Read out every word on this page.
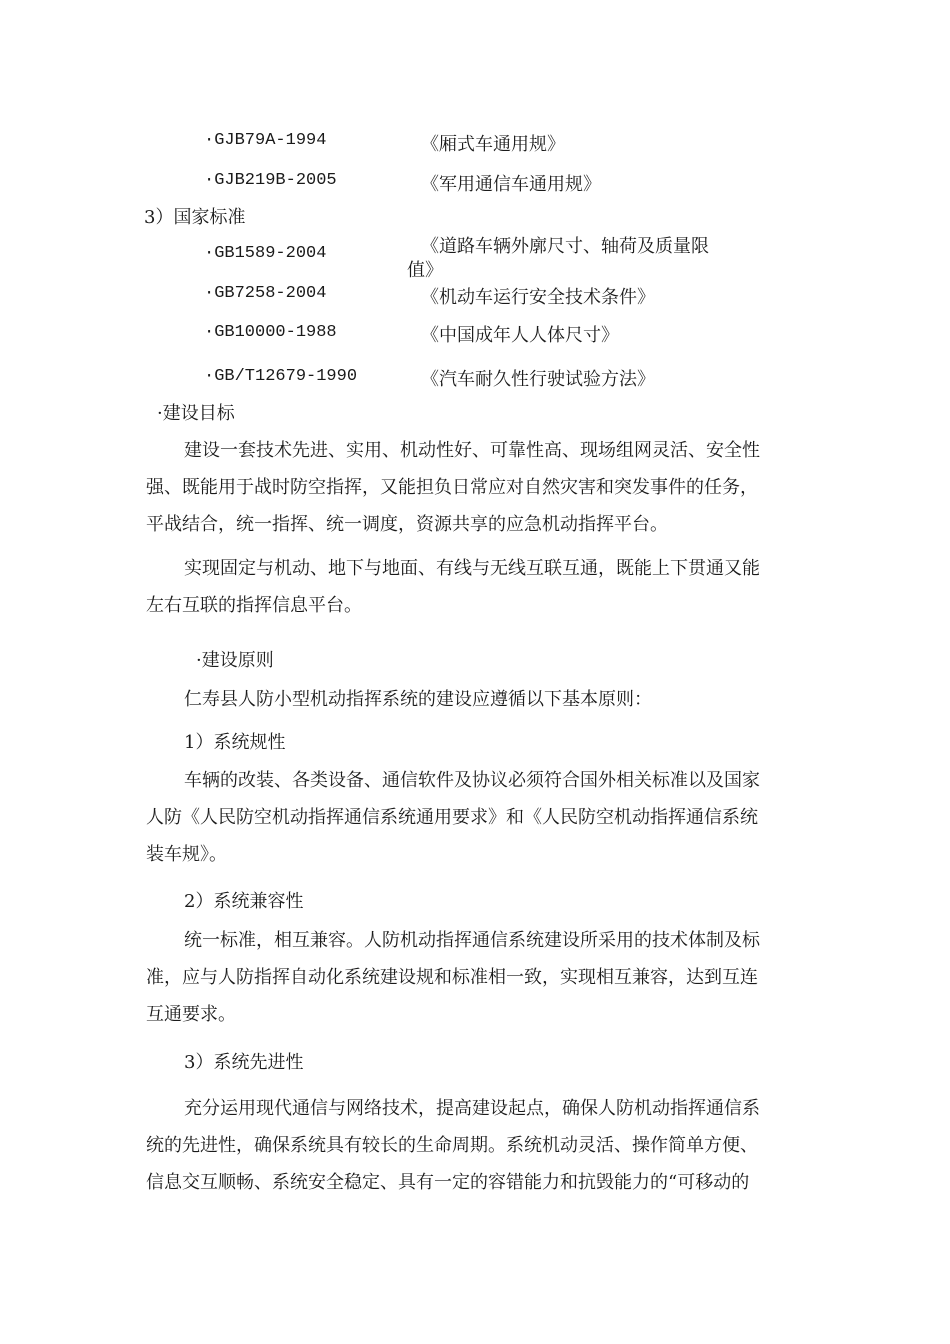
·GJB79A-1994	《厢式车通用规》
·GJB219B-2005	《军用通信车通用规》
3）国家标准
·GB1589-2004	《道路车辆外廓尺寸、轴荷及质量限
值》
·GB7258-2004	《机动车运行安全技术条件》
·GB10000-1988	《中国成年人人体尺寸》
·GB/T12679-1990	《汽车耐久性行驶试验方法》
·建设目标
建设一套技术先进、实用、机动性好、可靠性高、现场组网灵活、安全性
强、既能用于战时防空指挥，又能担负日常应对自然灾害和突发事件的任务，
平战结合，统一指挥、统一调度，资源共享的应急机动指挥平台。
实现固定与机动、地下与地面、有线与无线互联互通，既能上下贯通又能
左右互联的指挥信息平台。
·建设原则
仁寿县人防小型机动指挥系统的建设应遵循以下基本原则：
1）系统规性
车辆的改装、各类设备、通信软件及协议必须符合国外相关标准以及国家
人防《人民防空机动指挥通信系统通用要求》和《人民防空机动指挥通信系统
装车规》。
2）系统兼容性
统一标准，相互兼容。人防机动指挥通信系统建设所采用的技术体制及标
准，应与人防指挥自动化系统建设规和标准相一致，实现相互兼容，达到互连
互通要求。
3）系统先进性
充分运用现代通信与网络技术，提高建设起点，确保人防机动指挥通信系
统的先进性，确保系统具有较长的生命周期。系统机动灵活、操作简单方便、
信息交互顺畅、系统安全稳定、具有一定的容错能力和抗毁能力的“可移动的
